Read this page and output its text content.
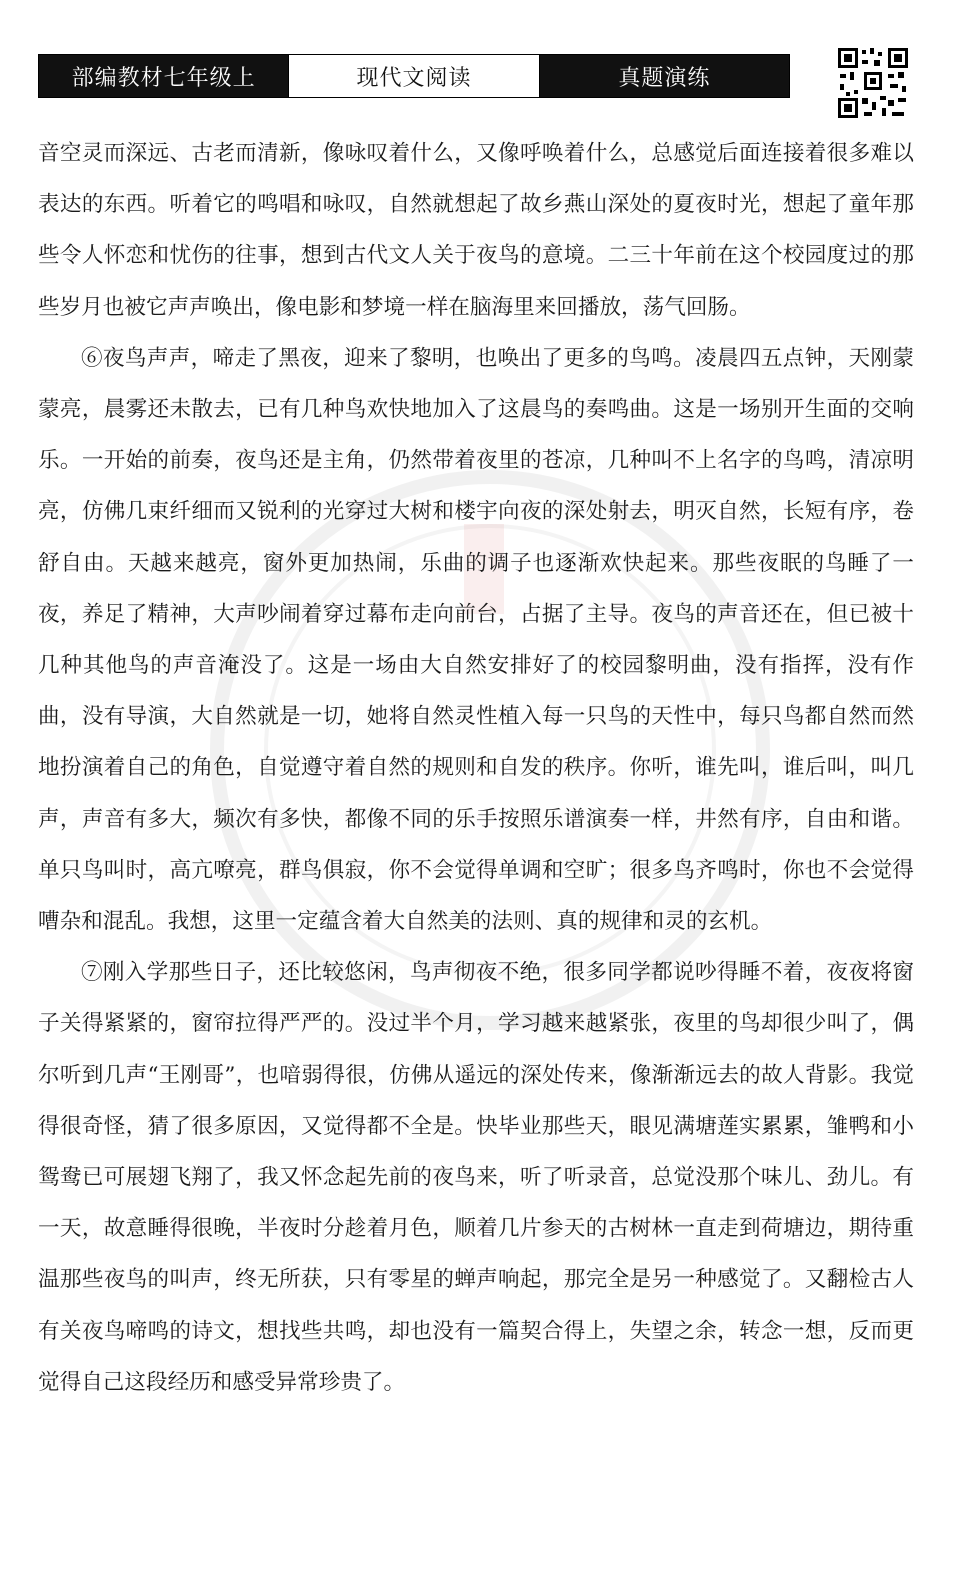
部编教材七年级上	现代文阅读	真题演练

音空灵而深远、古老而清新，像咏叹着什么，又像呼唤着什么，总感觉后面连接着很多难以表达的东西。听着它的鸣唱和咏叹，自然就想起了故乡燕山深处的夏夜时光，想起了童年那些令人怀恋和忧伤的往事，想到古代文人关于夜鸟的意境。二三十年前在这个校园度过的那些岁月也被它声声唤出，像电影和梦境一样在脑海里来回播放，荡气回肠。

⑥夜鸟声声，啼走了黑夜，迎来了黎明，也唤出了更多的鸟鸣。凌晨四五点钟，天刚蒙蒙亮，晨雾还未散去，已有几种鸟欢快地加入了这晨鸟的奏鸣曲。这是一场别开生面的交响乐。一开始的前奏，夜鸟还是主角，仍然带着夜里的苍凉，几种叫不上名字的鸟鸣，清凉明亮，仿佛几束纤细而又锐利的光穿过大树和楼宇向夜的深处射去，明灭自然，长短有序，卷舒自由。天越来越亮，窗外更加热闹，乐曲的调子也逐渐欢快起来。那些夜眠的鸟睡了一夜，养足了精神，大声吵闹着穿过幕布走向前台，占据了主导。夜鸟的声音还在，但已被十几种其他鸟的声音淹没了。这是一场由大自然安排好了的校园黎明曲，没有指挥，没有作曲，没有导演，大自然就是一切，她将自然灵性植入每一只鸟的天性中，每只鸟都自然而然地扮演着自己的角色，自觉遵守着自然的规则和自发的秩序。你听，谁先叫，谁后叫，叫几声，声音有多大，频次有多快，都像不同的乐手按照乐谱演奏一样，井然有序，自由和谐。单只鸟叫时，高亢嘹亮，群鸟俱寂，你不会觉得单调和空旷；很多鸟齐鸣时，你也不会觉得嘈杂和混乱。我想，这里一定蕴含着大自然美的法则、真的规律和灵的玄机。

⑦刚入学那些日子，还比较悠闲，鸟声彻夜不绝，很多同学都说吵得睡不着，夜夜将窗子关得紧紧的，窗帘拉得严严的。没过半个月，学习越来越紧张，夜里的鸟却很少叫了，偶尔听到几声“王刚哥”，也喑弱得很，仿佛从遥远的深处传来，像渐渐远去的故人背影。我觉得很奇怪，猜了很多原因，又觉得都不全是。快毕业那些天，眼见满塘莲实累累，雏鸭和小鸳鸯已可展翅飞翔了，我又怀念起先前的夜鸟来，听了听录音，总觉没那个味儿、劲儿。有一天，故意睡得很晚，半夜时分趁着月色，顺着几片参天的古树林一直走到荷塘边，期待重温那些夜鸟的叫声，终无所获，只有零星的蝉声响起，那完全是另一种感觉了。又翻检古人有关夜鸟啼鸣的诗文，想找些共鸣，却也没有一篇契合得上，失望之余，转念一想，反而更觉得自己这段经历和感受异常珍贵了。
